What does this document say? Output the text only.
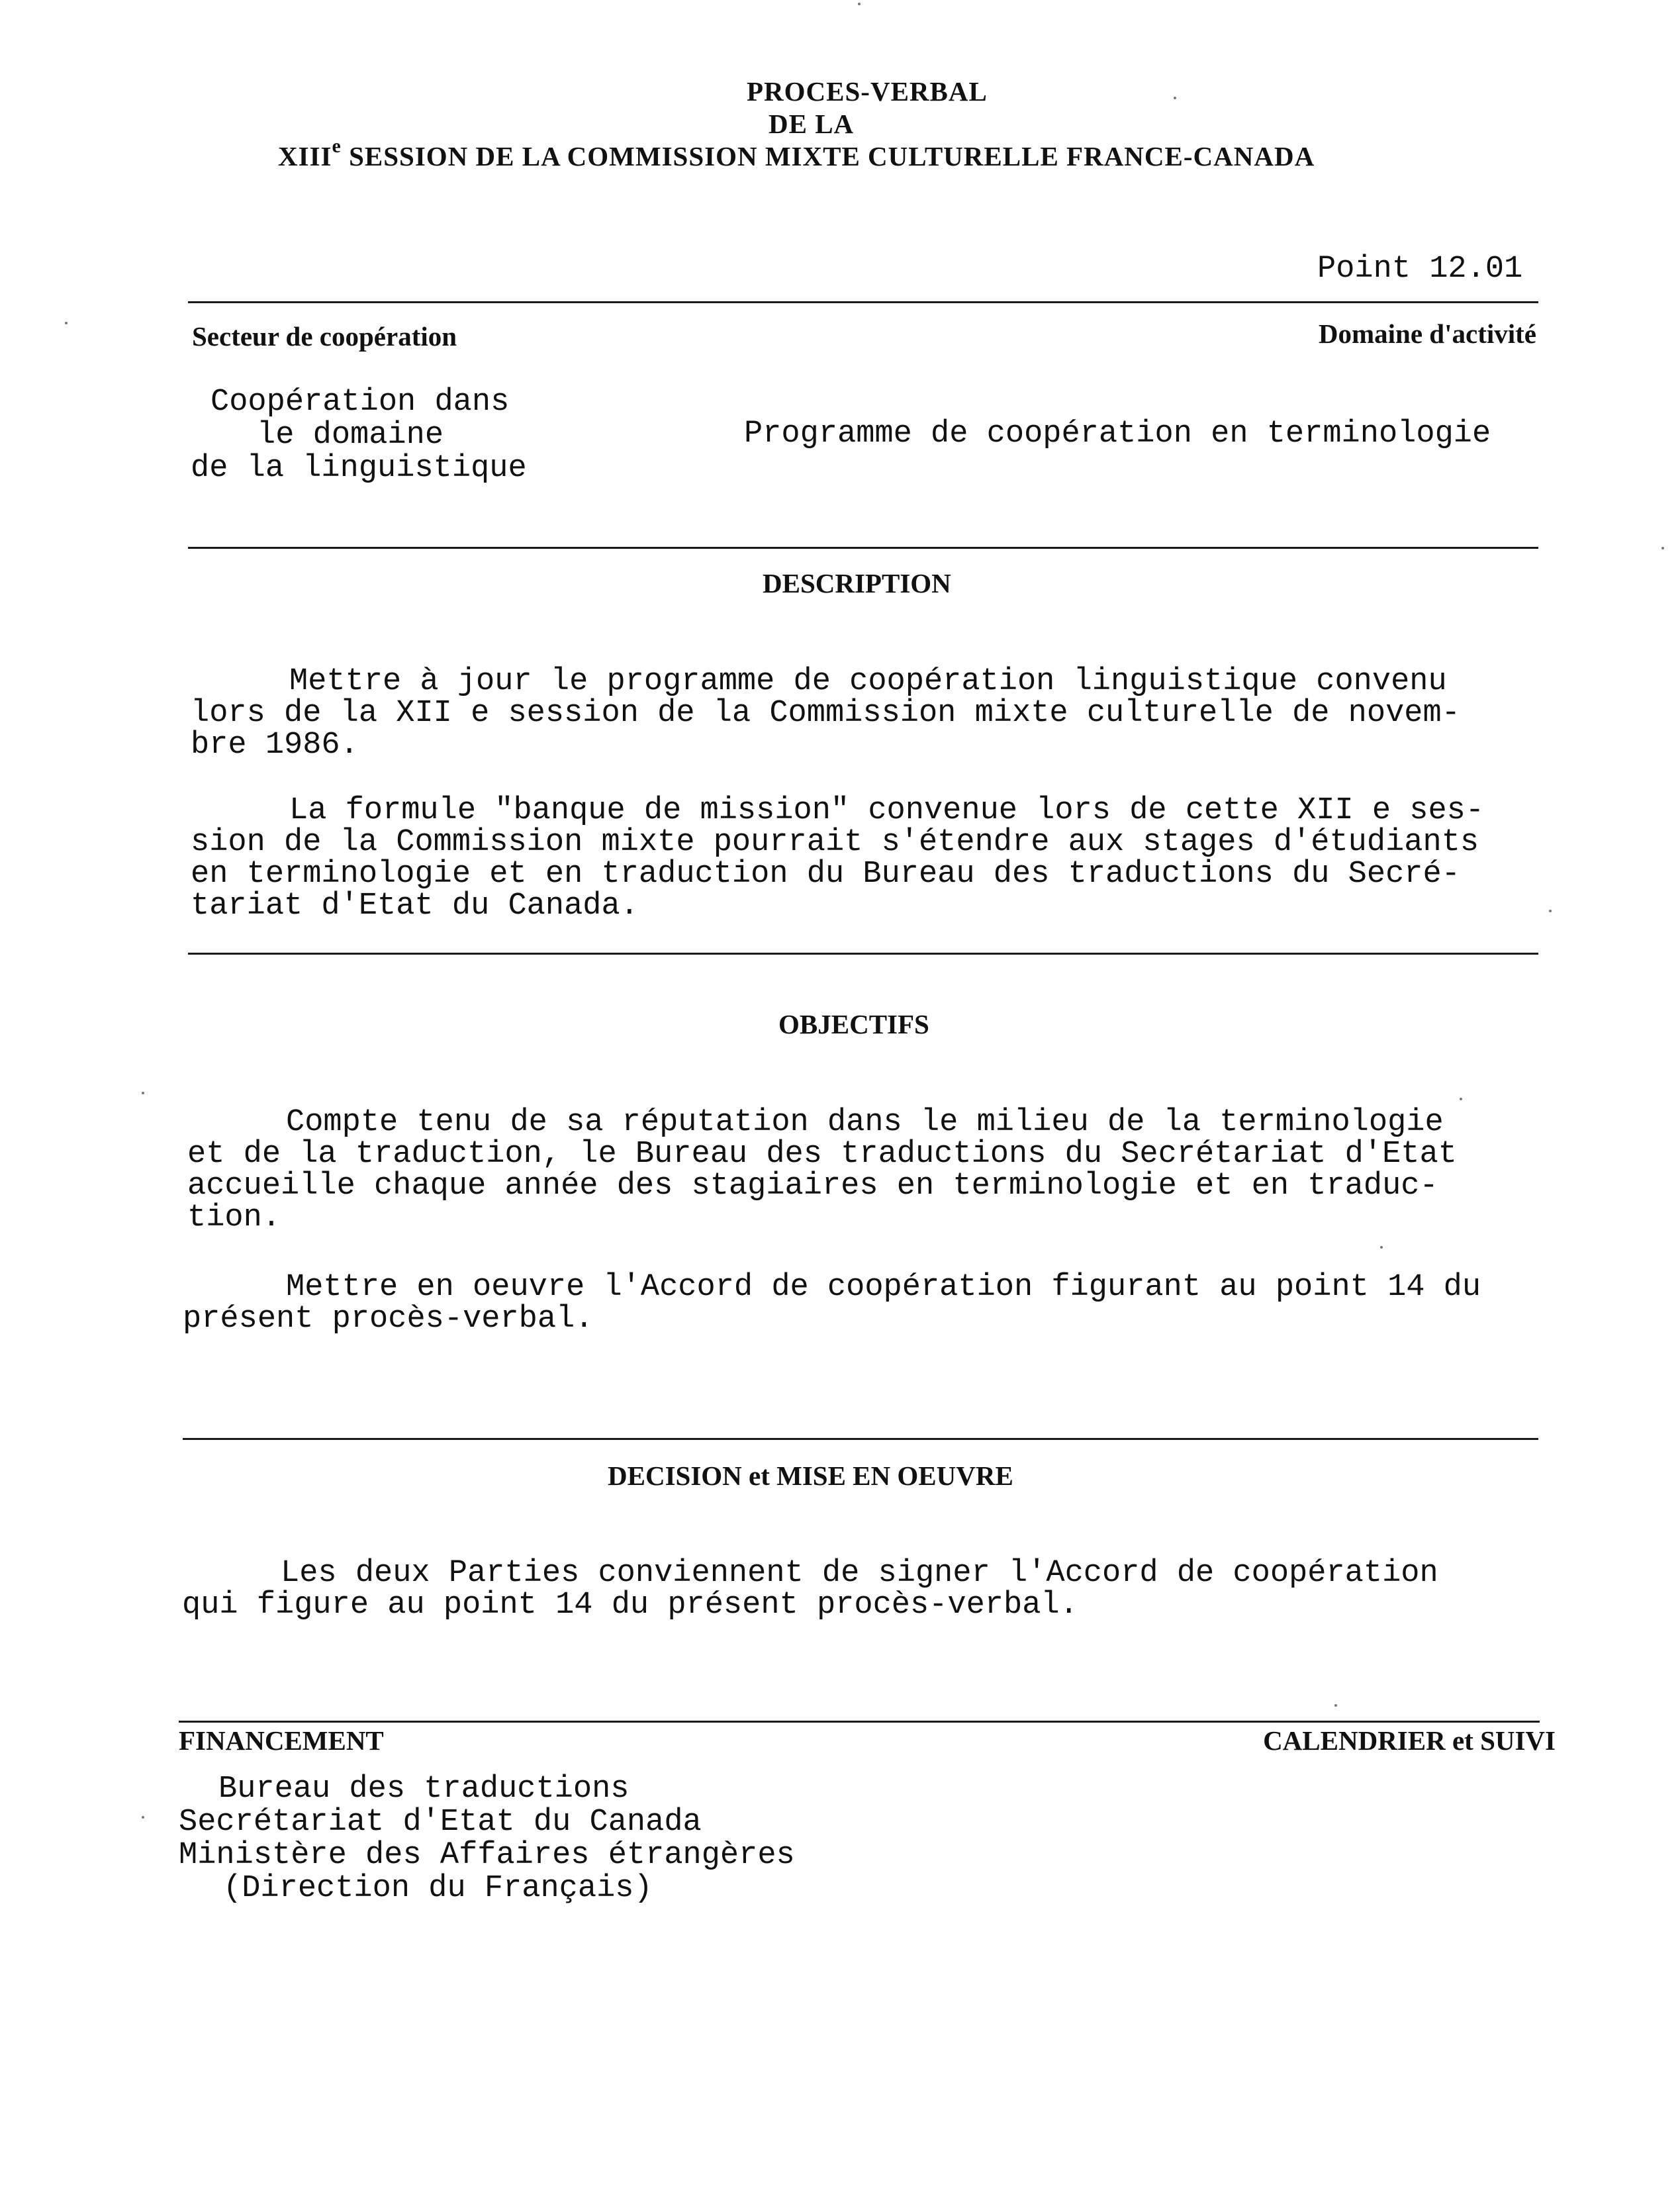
PROCES-VERBAL
DE LA
XIIIe SESSION DE LA COMMISSION MIXTE CULTURELLE FRANCE-CANADA
Point 12.01
Secteur de coopération	Domaine d'activité
Coopération dans
le domaine
de la linguistique
Programme de coopération en terminologie
DESCRIPTION
Mettre à jour le programme de coopération linguistique convenu
lors de la XII e session de la Commission mixte culturelle de novem-
bre 1986.
La formule "banque de mission" convenue lors de cette XII e ses-
sion de la Commission mixte pourrait s'étendre aux stages d'étudiants
en terminologie et en traduction du Bureau des traductions du Secré-
tariat d'Etat du Canada.
OBJECTIFS
Compte tenu de sa réputation dans le milieu de la terminologie
et de la traduction, le Bureau des traductions du Secrétariat d'Etat
accueille chaque année des stagiaires en terminologie et en traduc-
tion.
Mettre en oeuvre l'Accord de coopération figurant au point 14 du
présent procès-verbal.
DECISION et MISE EN OEUVRE
Les deux Parties conviennent de signer l'Accord de coopération
qui figure au point 14 du présent procès-verbal.
FINANCEMENT	CALENDRIER et SUIVI
Bureau des traductions
Secrétariat d'Etat du Canada
Ministère des Affaires étrangères
(Direction du Français)
